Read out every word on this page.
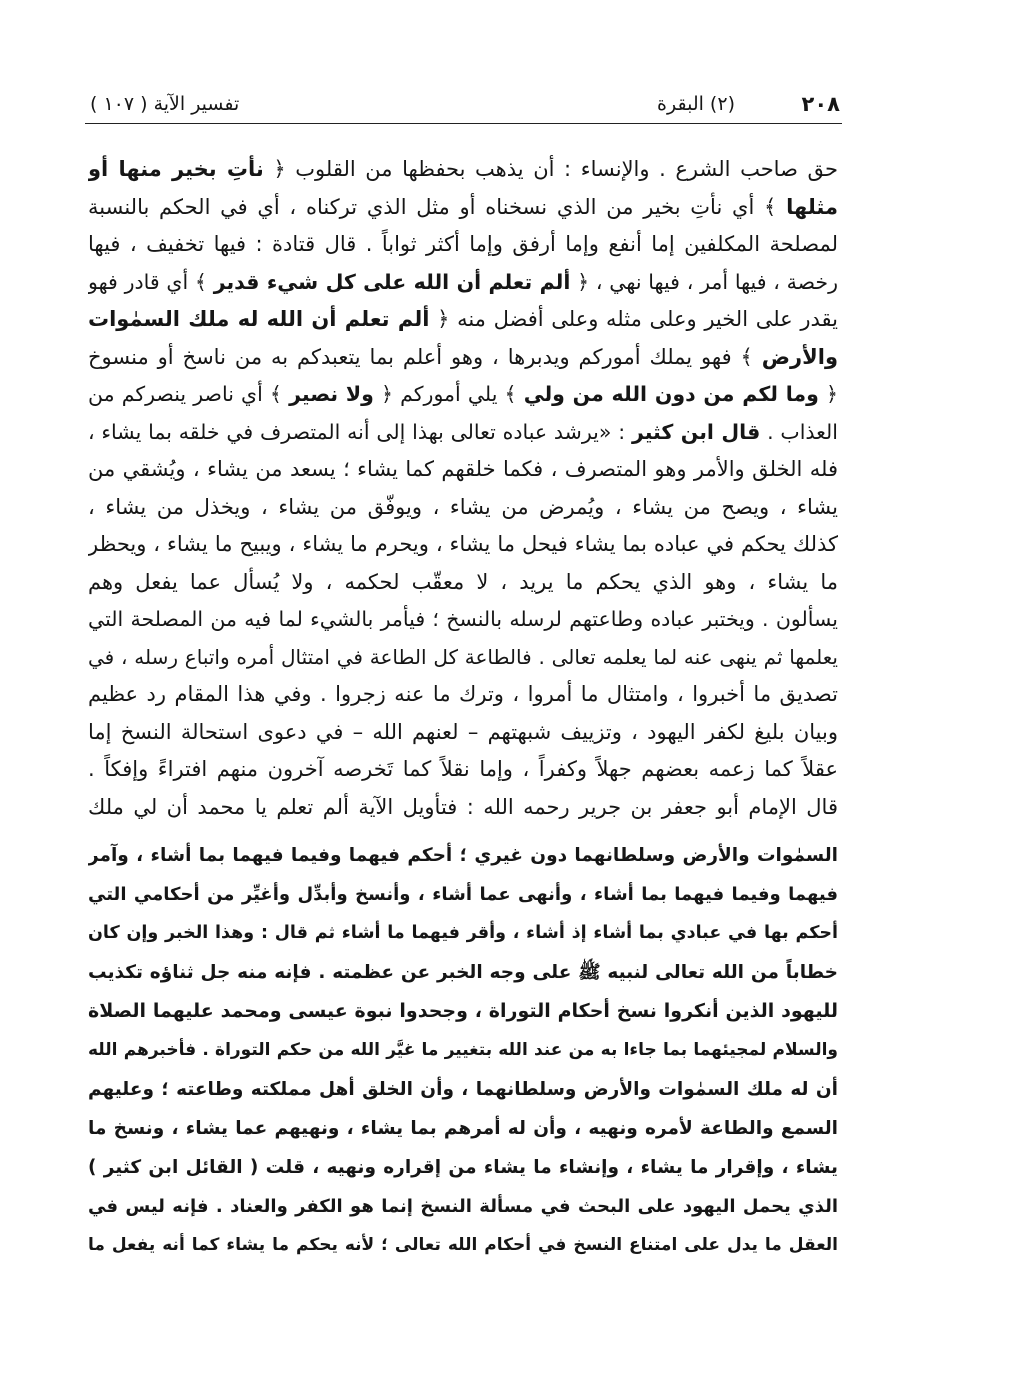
٢٠٨
(٢) البقرة
تفسير الآية ( ١٠٧ )
حق صاحب الشرع . والإنساء : أن يذهب بحفظها من القلوب ﴿ نأتِ بخير منها أو
مثلها ﴾ أي نأتِ بخير من الذي نسخناه أو مثل الذي تركناه ، أي في الحكم بالنسبة
لمصلحة المكلفين إما أنفع وإما أرفق وإما أكثر ثواباً . قال قتادة : فيها تخفيف ، فيها
رخصة ، فيها أمر ، فيها نهي ، ﴿ ألم تعلم أن الله على كل شيء قدير ﴾ أي قادر فهو
يقدر على الخير وعلى مثله وعلى أفضل منه ﴿ ألم تعلم أن الله له ملك السمٰوات
والأرض ﴾ فهو يملك أموركم ويدبرها ، وهو أعلم بما يتعبدكم به من ناسخ أو منسوخ
﴿ وما لكم من دون الله من ولي ﴾ يلي أموركم ﴿ ولا نصير ﴾ أي ناصر ينصركم من
العذاب . قال ابن كثير : «يرشد عباده تعالى بهذا إلى أنه المتصرف في خلقه بما يشاء ،
فله الخلق والأمر وهو المتصرف ، فكما خلقهم كما يشاء ؛ يسعد من يشاء ، ويُشقي من
يشاء ، ويصح من يشاء ، ويُمرض من يشاء ، ويوفّق من يشاء ، ويخذل من يشاء ،
كذلك يحكم في عباده بما يشاء فيحل ما يشاء ، ويحرم ما يشاء ، ويبيح ما يشاء ، ويحظر
ما يشاء ، وهو الذي يحكم ما يريد ، لا معقّب لحكمه ، ولا يُسأل عما يفعل وهم
يسألون . ويختبر عباده وطاعتهم لرسله بالنسخ ؛ فيأمر بالشيء لما فيه من المصلحة التي
يعلمها ثم ينهى عنه لما يعلمه تعالى . فالطاعة كل الطاعة في امتثال أمره واتباع رسله ، في
تصديق ما أخبروا ، وامتثال ما أمروا ، وترك ما عنه زجروا . وفي هذا المقام رد عظيم
وبيان بليغ لكفر اليهود ، وتزييف شبهتهم – لعنهم الله – في دعوى استحالة النسخ إما
عقلاً كما زعمه بعضهم جهلاً وكفراً ، وإما نقلاً كما تَخرصه آخرون منهم افتراءً وإفكاً .
قال الإمام أبو جعفر بن جرير رحمه الله : فتأويل الآية ألم تعلم يا محمد أن لي ملك
السمٰوات والأرض وسلطانهما دون غيري ؛ أحكم فيهما وفيما فيهما بما أشاء ، وآمر
فيهما وفيما فيهما بما أشاء ، وأنهى عما أشاء ، وأنسخ وأبدِّل وأغيِّر من أحكامي التي
أحكم بها في عبادي بما أشاء إذ أشاء ، وأقر فيهما ما أشاء ثم قال : وهذا الخبر وإن كان
خطاباً من الله تعالى لنبيه ﷺ على وجه الخبر عن عظمته . فإنه منه جل ثناؤه تكذيب
لليهود الذين أنكروا نسخ أحكام التوراة ، وجحدوا نبوة عيسى ومحمد عليهما الصلاة
والسلام لمجيئهما بما جاءا به من عند الله بتغيير ما غيَّر الله من حكم التوراة . فأخبرهم الله
أن له ملك السمٰوات والأرض وسلطانهما ، وأن الخلق أهل مملكته وطاعته ؛ وعليهم
السمع والطاعة لأمره ونهيه ، وأن له أمرهم بما يشاء ، ونهيهم عما يشاء ، ونسخ ما
يشاء ، وإقرار ما يشاء ، وإنشاء ما يشاء من إقراره ونهيه ، قلت ( القائل ابن كثير )
الذي يحمل اليهود على البحث في مسألة النسخ إنما هو الكفر والعناد . فإنه ليس في
العقل ما يدل على امتناع النسخ في أحكام الله تعالى ؛ لأنه يحكم ما يشاء كما أنه يفعل ما
